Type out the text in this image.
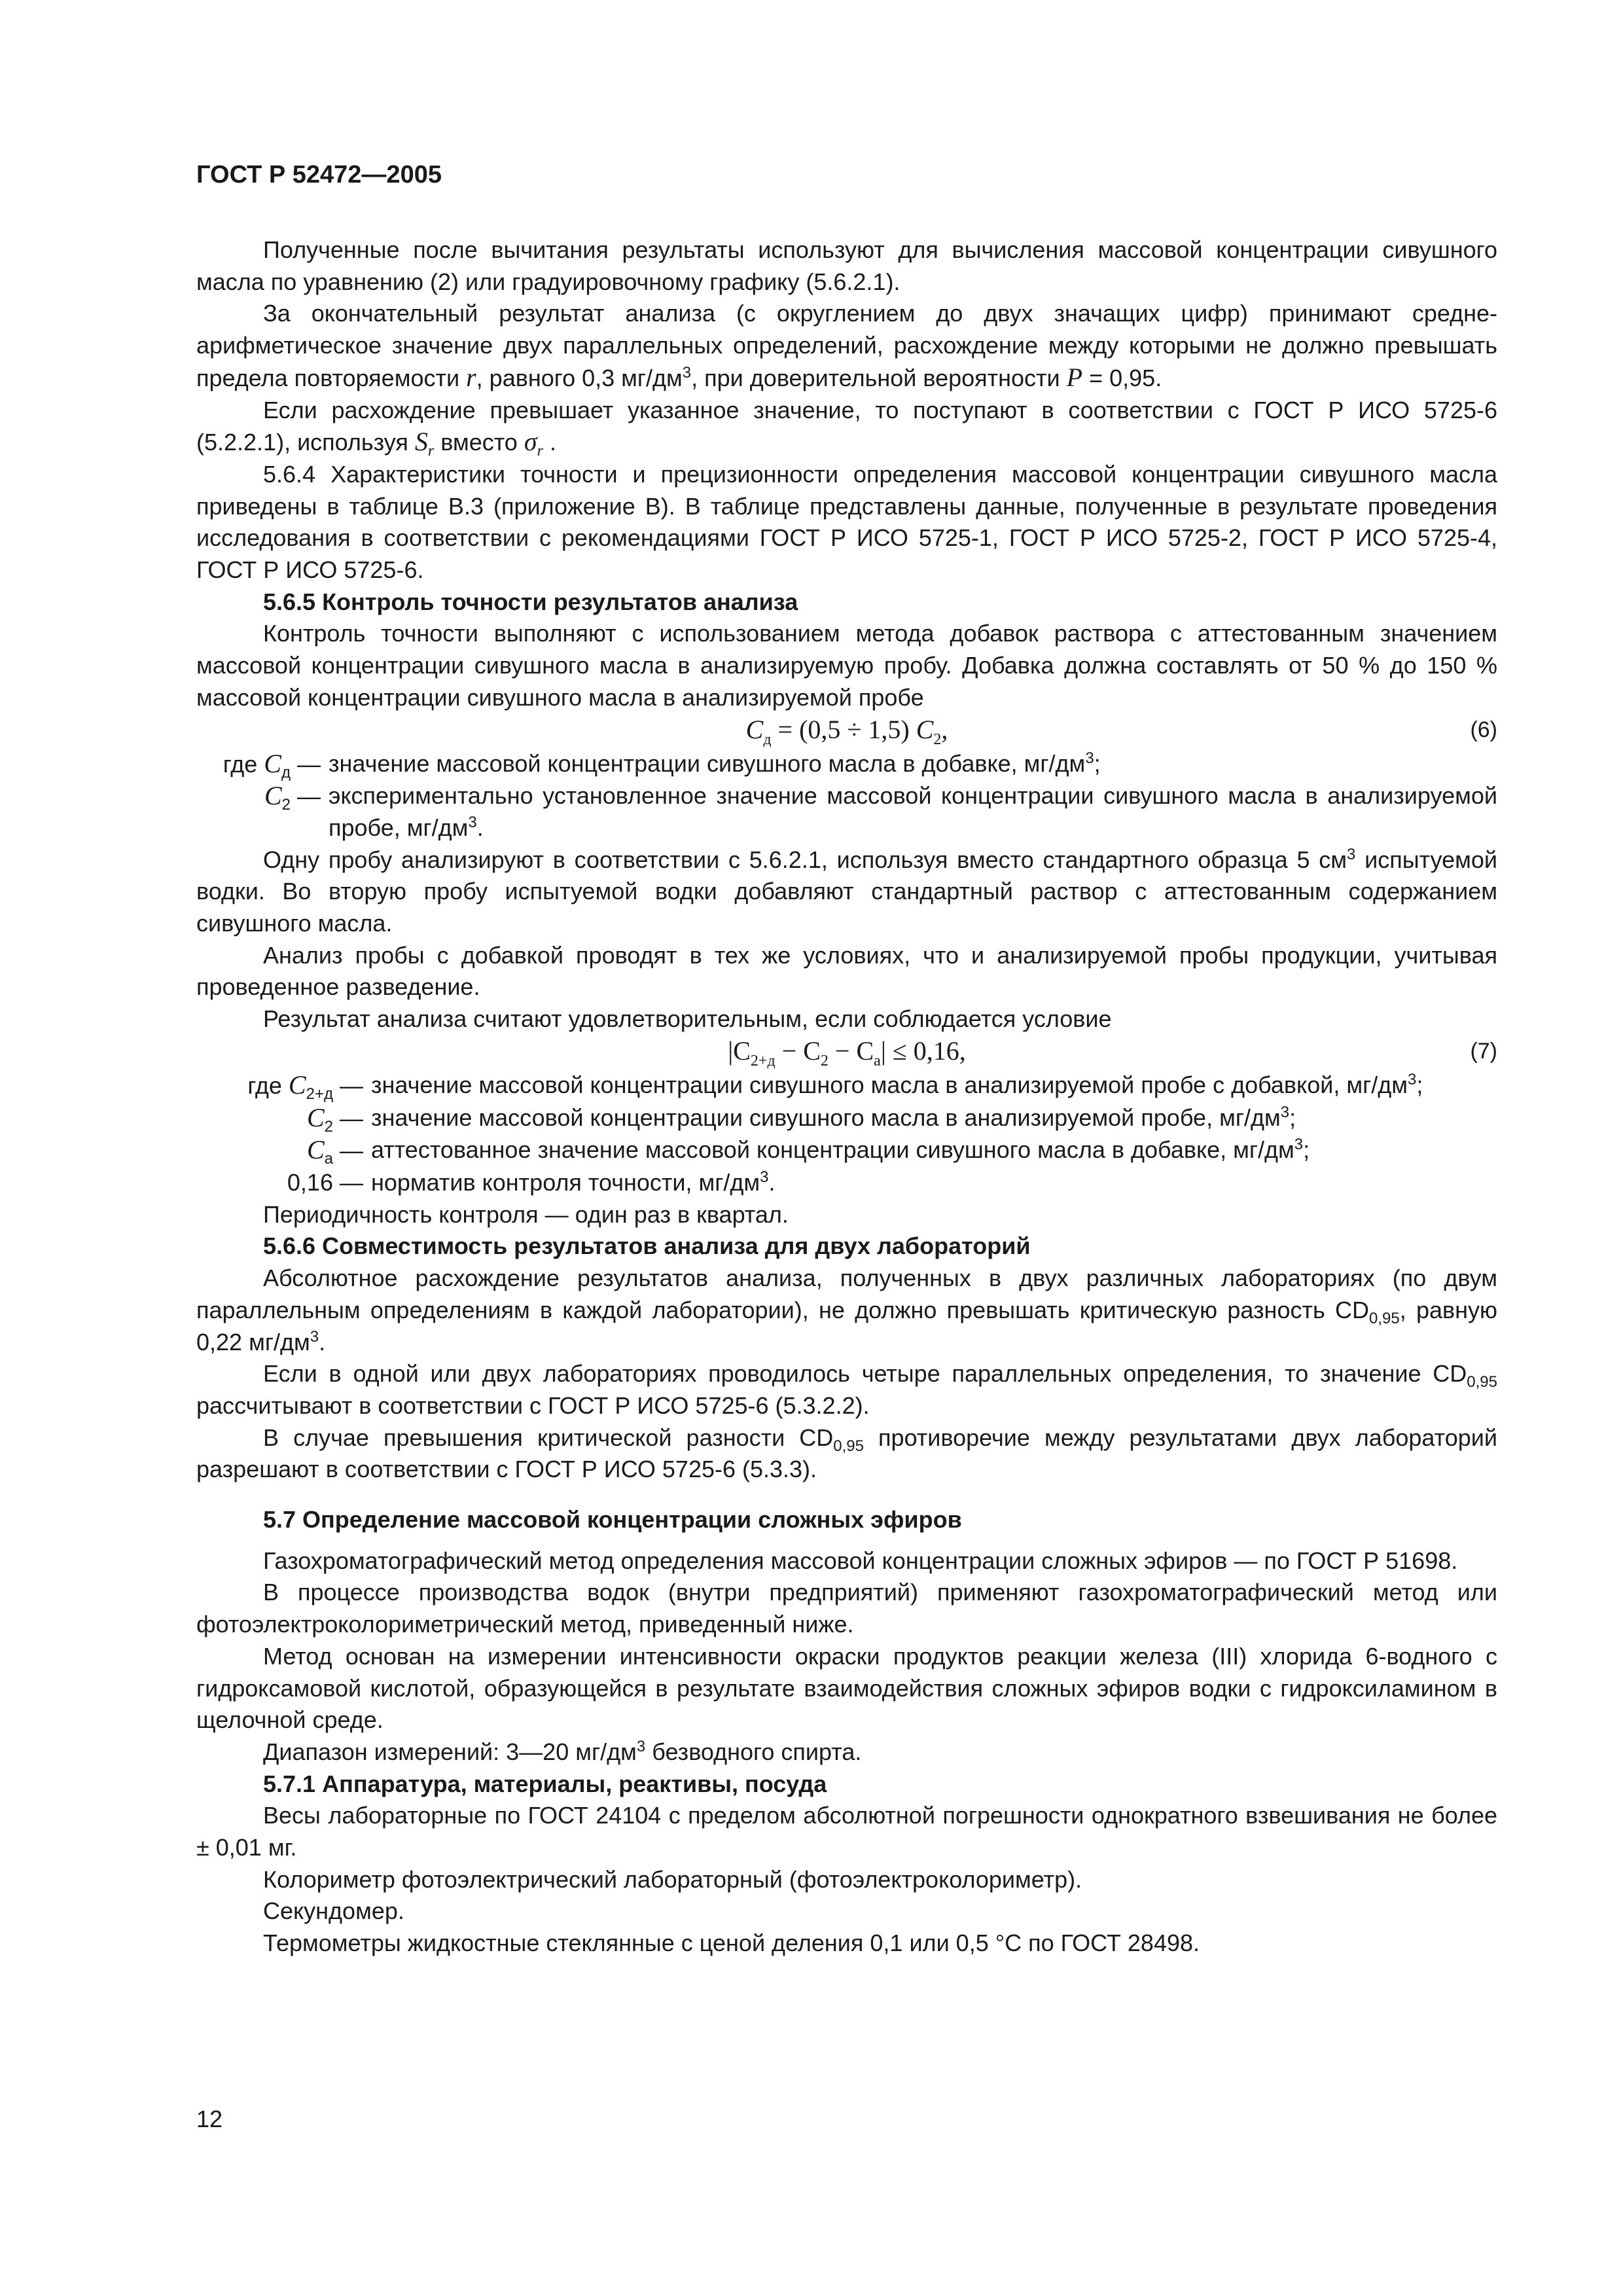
ГОСТ Р 52472—2005

Полученные после вычитания результаты используют для вычисления массовой концентрации сивушного масла по уравнению (2) или градуировочному графику (5.6.2.1).

За окончательный результат анализа (с округлением до двух значащих цифр) принимают средне-арифметическое значение двух параллельных определений, расхождение между которыми не должно превышать предела повторяемости r, равного 0,3 $мг/дм^3$, при доверительной вероятности P = 0,95.

Если расхождение превышает указанное значение, то поступают в соответствии с ГОСТ Р ИСО 5725-6 (5.2.2.1), используя $S_r$ вместо $\sigma_r$ .

5.6.4 Характеристики точности и прецизионности определения массовой концентрации сивушного масла приведены в таблице В.3 (приложение В). В таблице представлены данные, полученные в результате проведения исследования в соответствии с рекомендациями ГОСТ Р ИСО 5725-1, ГОСТ Р ИСО 5725-2, ГОСТ Р ИСО 5725-4, ГОСТ Р ИСО 5725-6.

5.6.5 Контроль точности результатов анализа

Контроль точности выполняют с использованием метода добавок раствора с аттестованным значением массовой концентрации сивушного масла в анализируемую пробу. Добавка должна составлять от 50 % до 150 % массовой концентрации сивушного масла в анализируемой пробе

$C_д = (0,5 \div 1,5)$ $C_2$,	(6)
где $C_д$ —	значение массовой концентрации сивушного масла в добавке, $мг/дм^3$;
$C_2$ —	экспериментально установленное значение массовой концентрации сивушного масла в анализируемой пробе, $мг/дм^3$.

Одну пробу анализируют в соответствии с 5.6.2.1, используя вместо стандартного образца 5 $см^3$ испытуемой водки. Во вторую пробу испытуемой водки добавляют стандартный раствор с аттестованным содержанием сивушного масла.

Анализ пробы с добавкой проводят в тех же условиях, что и анализируемой пробы продукции, учитывая проведенное разведение.

Результат анализа считают удовлетворительным, если соблюдается условие

$|C_{2+д} - C_2 - C_a| \le 0,16$,	(7)
где $C_{2+д}$ —	значение массовой концентрации сивушного масла в анализируемой пробе с добавкой, $мг/дм^3$;
$C_2$ —	значение массовой концентрации сивушного масла в анализируемой пробе, $мг/дм^3$;
$C_a$ —	аттестованное значение массовой концентрации сивушного масла в добавке, $мг/дм^3$;
0,16 —	норматив контроля точности, $мг/дм^3$.

Периодичность контроля — один раз в квартал.

5.6.6 Совместимость результатов анализа для двух лабораторий

Абсолютное расхождение результатов анализа, полученных в двух различных лабораториях (по двум параллельным определениям в каждой лаборатории), не должно превышать критическую разность $CD_{0,95}$, равную 0,22 $мг/дм^3$.

Если в одной или двух лабораториях проводилось четыре параллельных определения, то значение $CD_{0,95}$ рассчитывают в соответствии с ГОСТ Р ИСО 5725-6 (5.3.2.2).

В случае превышения критической разности $CD_{0,95}$ противоречие между результатами двух лабораторий разрешают в соответствии с ГОСТ Р ИСО 5725-6 (5.3.3).

5.7 Определение массовой концентрации сложных эфиров

Газохроматографический метод определения массовой концентрации сложных эфиров — по ГОСТ Р 51698.

В процессе производства водок (внутри предприятий) применяют газохроматографический метод или фотоэлектроколориметрический метод, приведенный ниже.

Метод основан на измерении интенсивности окраски продуктов реакции железа (III) хлорида 6-водного с гидроксамовой кислотой, образующейся в результате взаимодействия сложных эфиров водки с гидроксиламином в щелочной среде.

Диапазон измерений: 3—20 $мг/дм^3$ безводного спирта.

5.7.1 Аппаратура, материалы, реактивы, посуда

Весы лабораторные по ГОСТ 24104 с пределом абсолютной погрешности однократного взвешивания не более ± 0,01 мг.

Колориметр фотоэлектрический лабораторный (фотоэлектроколориметр).

Секундомер.

Термометры жидкостные стеклянные с ценой деления 0,1 или 0,5 °С по ГОСТ 28498.

12
